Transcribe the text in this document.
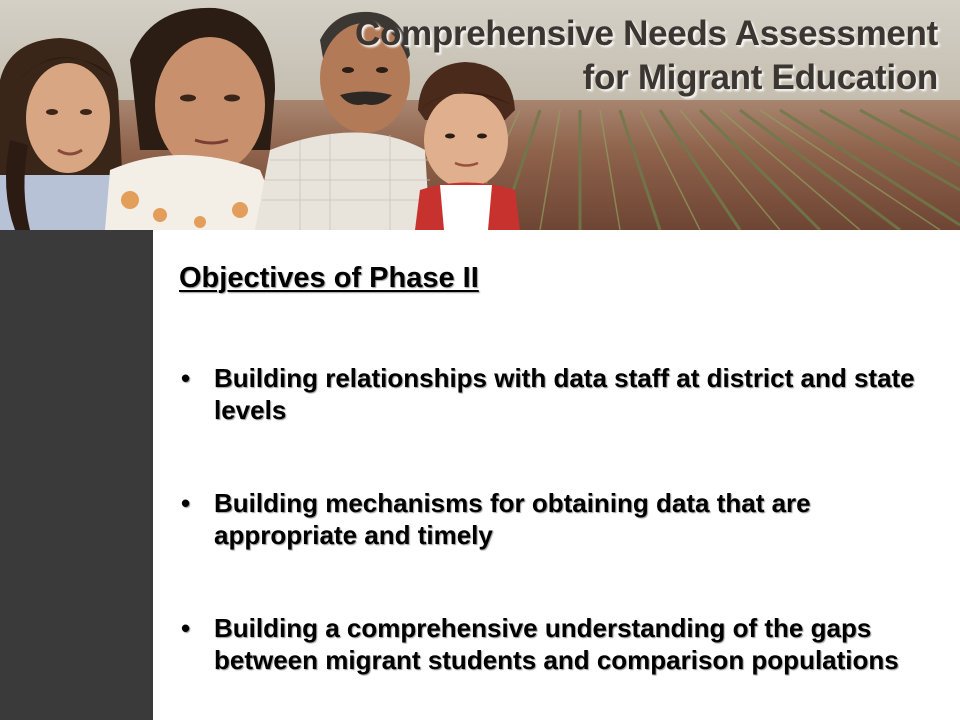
Comprehensive Needs Assessment
for Migrant Education
Objectives of Phase II
• Building relationships with data staff at district and state levels
• Building mechanisms for obtaining data that are appropriate and timely
• Building a comprehensive understanding of the gaps between migrant students and comparison populations
